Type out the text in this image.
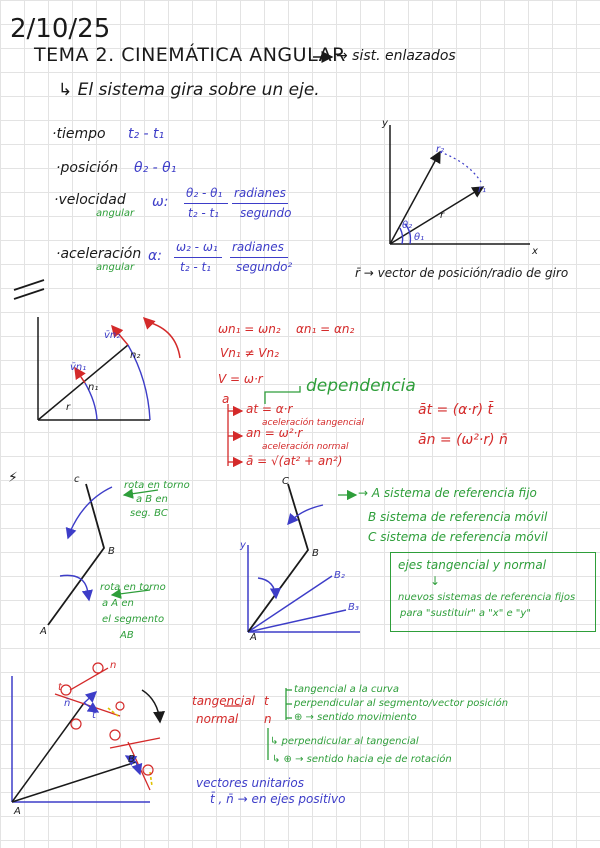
2/10/25
TEMA 2. CINEMÁTICA ANGULAR
→ sist. enlazados
↳ El sistema gira sobre un eje.
·tiempo t₂ - t₁
·posición θ₂ - θ₁
·velocidad
angular
ω:
θ₂ - θ₁
t₂ - t₁
radianes
segundo
·aceleración
angular
α:
ω₂ - ω₁
t₂ - t₁
radianes
segundo²
y
x
r₂
r₁
r
θ₂
θ₁
r̄ → vector de posición/radio de giro
v̄n₂
v̄n₁
n₂
n₁
r
ωn₁ = ωn₂ αn₁ = αn₂
Vn₁ ≠ Vn₂
V = ω·r
a
at = α·r
aceleración tangencial
an = ω²·r
aceleración normal
ā = √(at² + an²)
dependencia
āt = (α·r) t̄
ān = (ω²·r) n̄
⚡	c
B
A
rota en torno
a B en
seg. BC
rota en torno
a A en
el segmento
AB
C
B
A
y
B₂
B₃
→ A sistema de referencia fijo
B sistema de referencia móvil
C sistema de referencia móvil
ejes tangencial y normal
↓
nuevos sistemas de referencia fijos
para "sustituir" a "x" e "y"
A
B
n
t
n̄
t̄
tangencial t
normal n
tangencial a la curva
perpendicular al segmento/vector posición
⊕ → sentido movimiento
↳ perpendicular al tangencial
↳ ⊕ → sentido hacia eje de rotación
vectores unitarios
t̄ , n̄ → en ejes positivo
